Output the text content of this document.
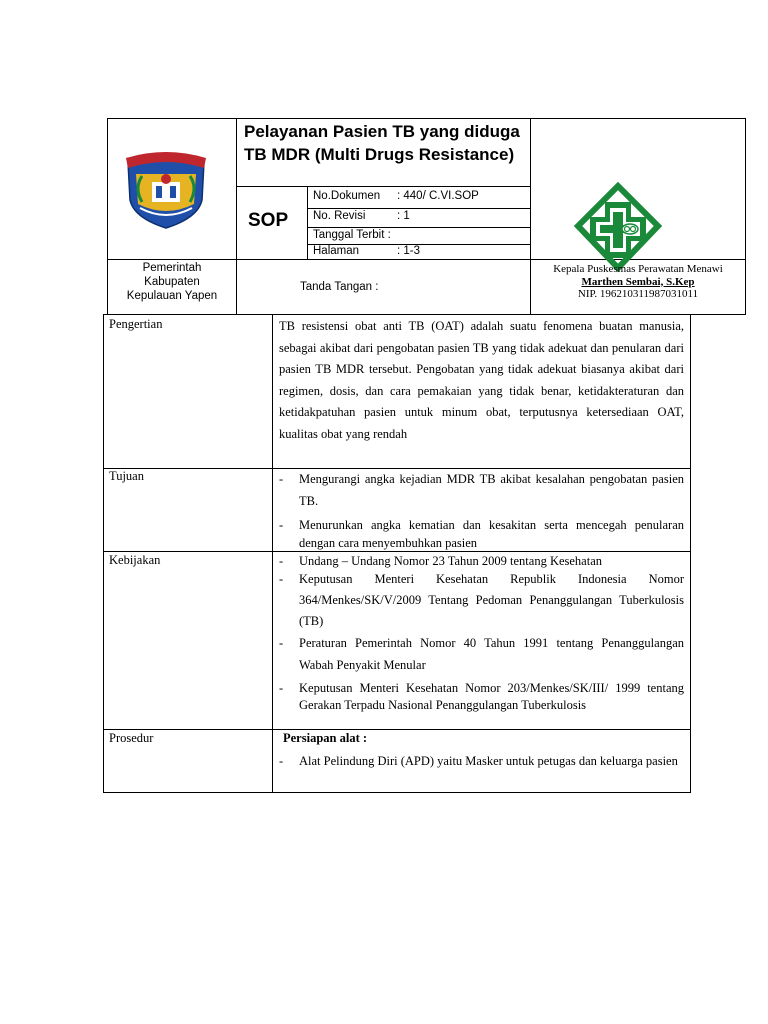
Pelayanan Pasien TB yang diduga TB MDR (Multi Drugs Resistance)
SOP
No.Dokumen : 440/ C.VI.SOP
No. Revisi	: 1
Tanggal Terbit :
Halaman	: 1-3
Pemerintah
Kabupaten
Kepulauan Yapen
Tanda Tangan :
Kepala Puskesmas Perawatan Menawi
Marthen Sembai, S.Kep
NIP. 196210311987031011
Pengertian	TB resistensi obat anti TB (OAT) adalah suatu fenomena buatan manusia, sebagai akibat dari pengobatan pasien TB yang tidak adekuat dan penularan dari pasien TB MDR tersebut. Pengobatan yang tidak adekuat biasanya akibat dari regimen, dosis, dan cara pemakaian yang tidak benar, ketidakteraturan dan ketidakpatuhan pasien untuk minum obat, terputusnya ketersediaan OAT, kualitas obat yang rendah
Tujuan	- Mengurangi angka kejadian MDR TB akibat kesalahan pengobatan pasien TB.
- Menurunkan angka kematian dan kesakitan serta mencegah penularan dengan cara menyembuhkan pasien
Kebijakan	- Undang – Undang Nomor 23 Tahun 2009 tentang Kesehatan
- Keputusan Menteri Kesehatan Republik Indonesia Nomor 364/Menkes/SK/V/2009 Tentang Pedoman Penanggulangan Tuberkulosis (TB)
- Peraturan Pemerintah Nomor 40 Tahun 1991 tentang Penanggulangan Wabah Penyakit Menular
- Keputusan Menteri Kesehatan Nomor 203/Menkes/SK/III/ 1999 tentang Gerakan Terpadu Nasional Penanggulangan Tuberkulosis
Prosedur	Persiapan alat :
- Alat Pelindung Diri (APD) yaitu Masker untuk petugas dan keluarga pasien
